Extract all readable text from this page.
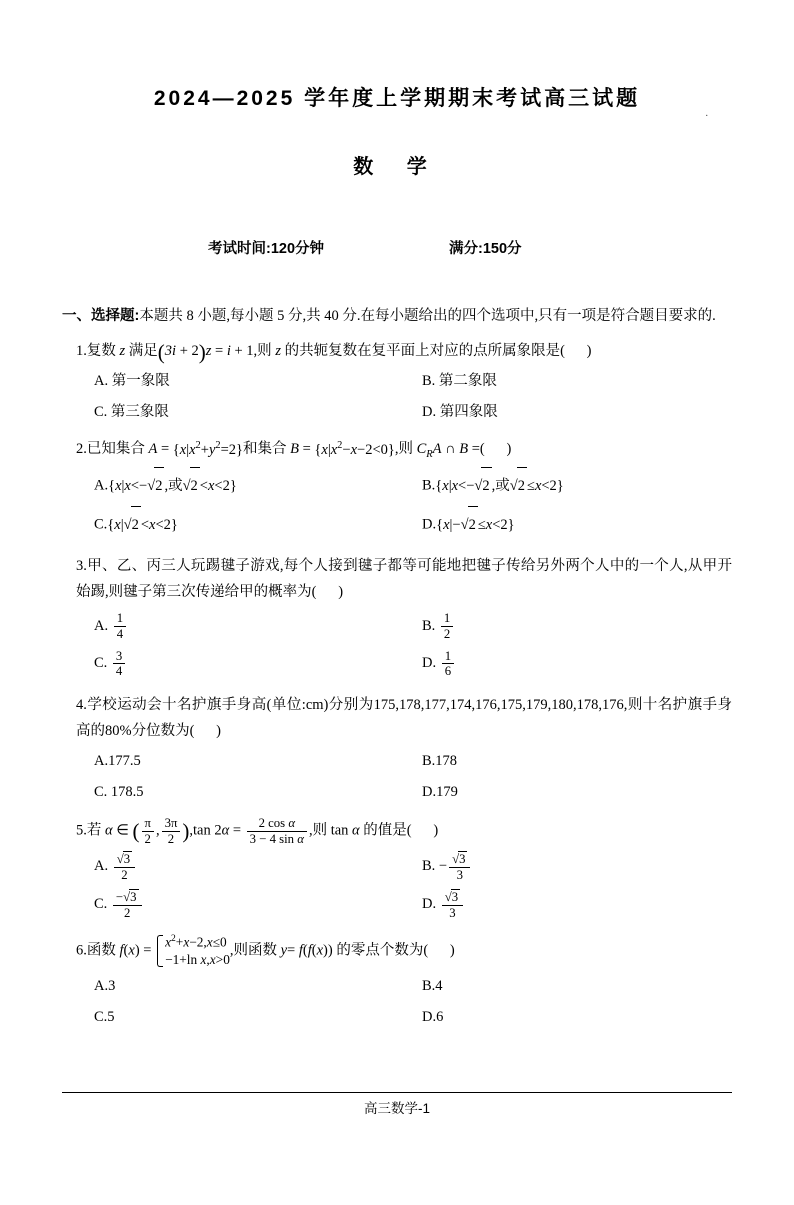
.
2024—2025 学年度上学期期末考试高三试题
数 学
考试时间:120分钟	满分:150分
一、选择题:本题共 8 小题,每小题 5 分,共 40 分.在每小题给出的四个选项中,只有一项是符合题目要求的.
1.复数 z 满足(3i + 2)z = i + 1,则 z 的共轭复数在复平面上对应的点所属象限是(      )
A. 第一象限	B. 第二象限
C. 第三象限	D. 第四象限
2.已知集合 $A = \{x|x^2+y^2=2\}$和集合 $B = \{x|x^2-x-2<0\}$,则 $C_RA$ ∩ B =(      )
A.{x|x<−√2 ,或√2 <x<2}	B.{x|x<−√2 ,或√2 ≤x<2}
C.{x|√2 <x<2}	D.{x|−√2 ≤x<2}
3.甲、乙、丙三人玩踢毽子游戏,每个人接到毽子都等可能地把毽子传给另外两个人中的一个人,从甲开始踢,则毽子第三次传递给甲的概率为(      )
A. $\frac{1}{4}$	B. $\frac{1}{2}$
C. $\frac{3}{4}$	D. $\frac{1}{6}$
4.学校运动会十名护旗手身高(单位:cm)分别为175,178,177,174,176,175,179,180,178,176,则十名护旗手身高的80%分位数为(      )
A.177.5	B.178
C. 178.5	D.179
5.若 α ∈ ( $\frac{\pi}{2}$ , $\frac{3\pi}{2} ),\tan$ $2\alpha = \frac{\text{2 cos α}}{\text{3 − 4 sin α}}$ ,则 tan α 的值是(      )
A. $\frac{√3}{2}$	B. − $\frac{√3}{3}$
C. $\frac{-√3}{2}$	D. $\frac{√3}{3}$
6.函数 $f(x) = x^2+x-2,x\le 0$
−1+ln x,x>0,则函数 y= f(f(x)) 的零点个数为(      )
A.3	B.4
C.5	D.6
高三数学-1
